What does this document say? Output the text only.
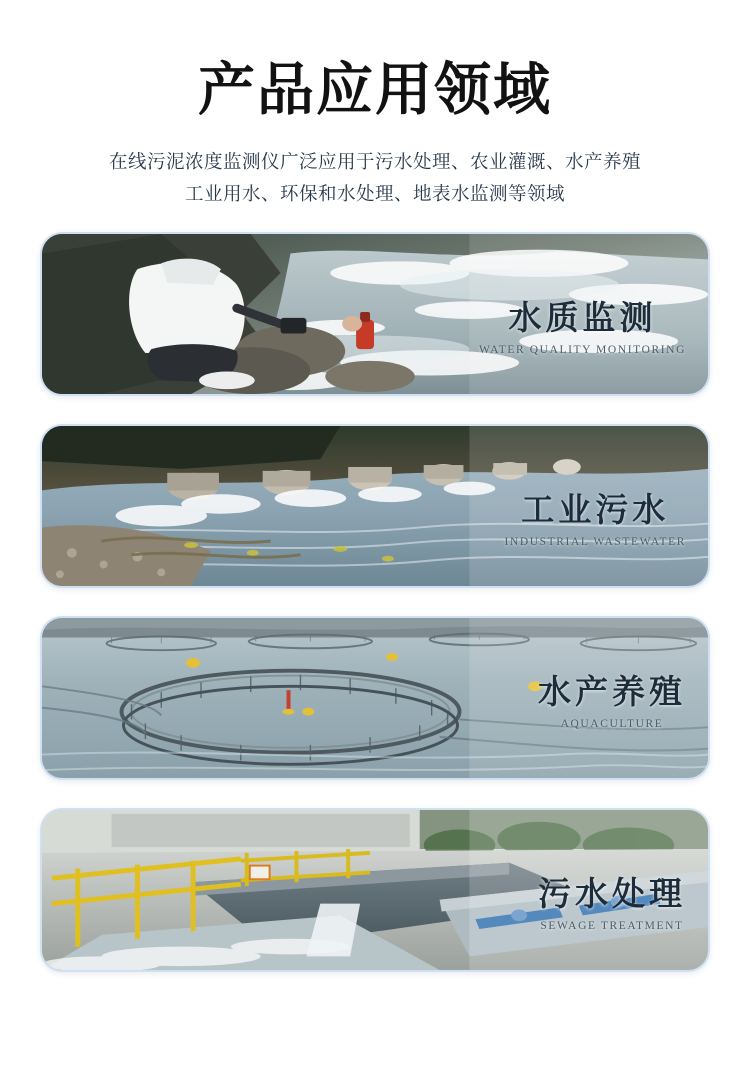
产品应用领域
在线污泥浓度监测仪广泛应用于污水处理、农业灌溉、水产养殖
工业用水、环保和水处理、地表水监测等领域
水质监测
WATER QUALITY MONITORING
工业污水
INDUSTRIAL WASTEWATER
水产养殖
AQUACULTURE
污水处理
SEWAGE TREATMENT
